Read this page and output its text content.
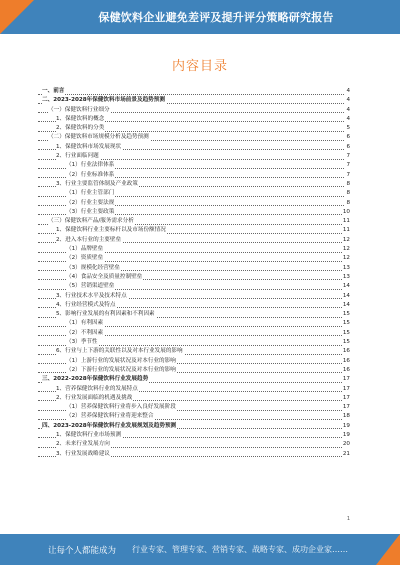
保健饮料企业避免差评及提升评分策略研究报告
内容目录
一、前言	4
二、2023-2028年保健饮料市场前景及趋势预测	4
（一）保健饮料行业细分	4
1、保健饮料的概念	4
2、保健饮料的分类	5
（二）保健饮料市场规模分析及趋势预测	6
1、保健饮料市场发展现状	6
2、行业面临问题	7
（1）行业法律体系	7
（2）行业标准体系	7
3、行业主要监管体制及产业政策	8
（1）行业主管部门	8
（2）行业主要法规	8
（3）行业主要政策	10
（三）保健饮料产品/服务需求分析	11
1、保健饮料行业主要标杆以及市场份额情况	11
2、进入本行业的主要壁垒	12
（1）品牌壁垒	12
（2）资质壁垒	12
（3）规模化经营壁垒	13
（4）食品安全及质量控制壁垒	13
（5）营销渠道壁垒	14
3、行业技术水平及技术特点	14
4、行业经营模式及特点	14
5、影响行业发展的有利因素和不利因素	15
（1）有利因素	15
（2）不利因素	15
（3）季节性	15
6、行业与上下游的关联性以及对本行业发展的影响	16
（1）上游行业的发展状况及对本行业的影响	16
（2）下游行业的发展状况及对本行业的影响	16
三、2022-2028年保健饮料行业发展趋势	17
1、营养保健饮料行业的发展特点	17
2、行业发展面临的机遇及挑战	17
（1）营养保健饮料行业将步入良好发展阶段	17
（2）营养保健饮料行业将迎来整合	18
四、2023-2028年保健饮料行业发展规划及趋势预测	19
1、保健饮料行业市场预测	19
2、未来行业发展方向	20
3、行业发展战略建议	21
1
让每个人都能成为 行业专家、管理专家、营销专家、战略专家、成功企业家……
